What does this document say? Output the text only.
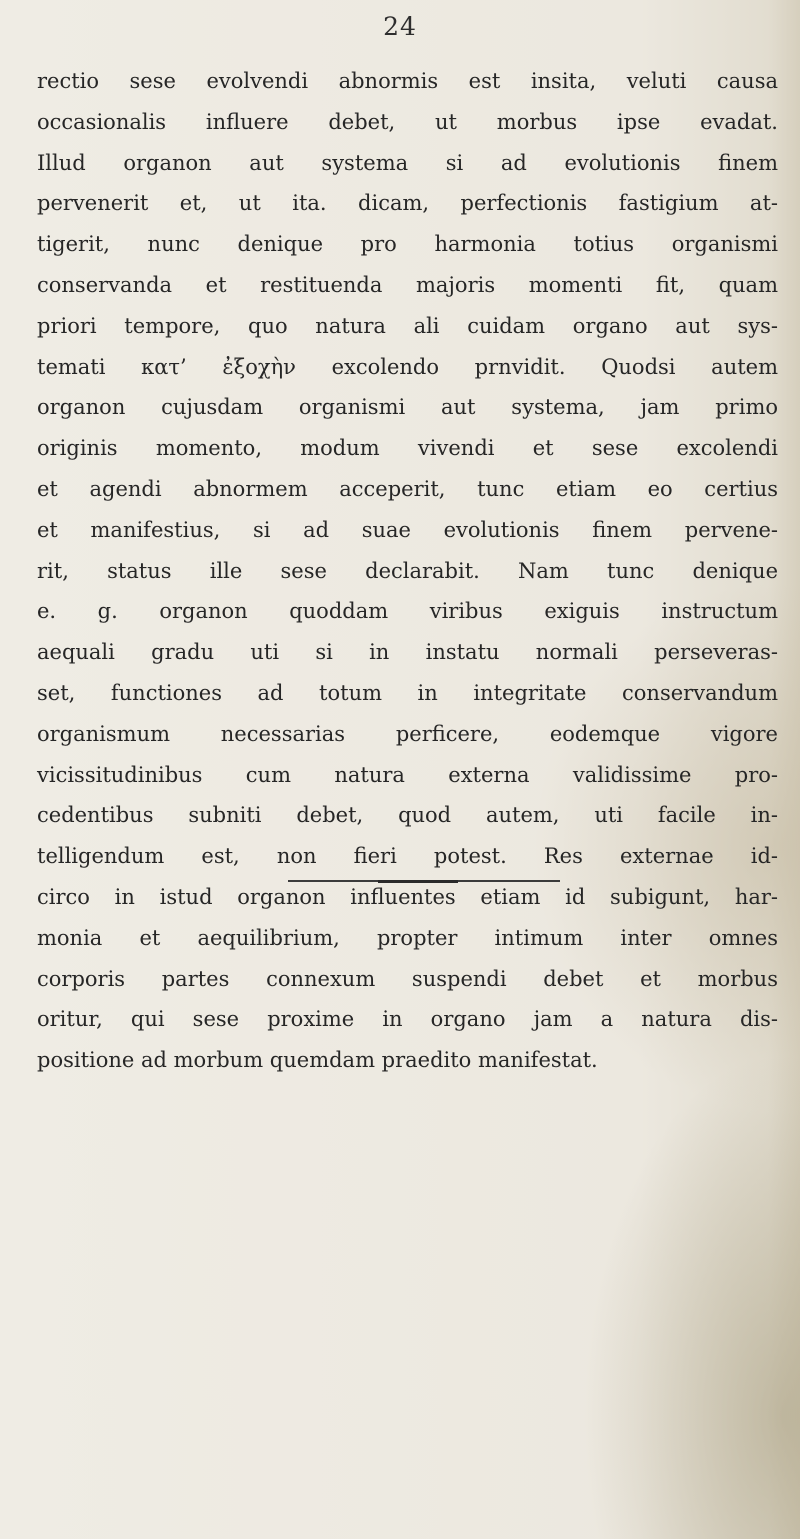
24
rectio sese evolvendi abnormis est insita, veluti causa
occasionalis influere debet, ut morbus ipse evadat.
Illud organon aut systema si ad evolutionis finem
pervenerit et, ut ita. dicam, perfectionis fastigium at-
tigerit, nunc denique pro harmonia totius organismi
conservanda et restituenda majoris momenti fit, quam
priori tempore, quo natura ali cuidam organo aut sys-
temati κατ’ ἐξοχὴν excolendo prnvidit. Quodsi autem
organon cujusdam organismi aut systema, jam primo
originis momento, modum vivendi et sese excolendi
et agendi abnormem acceperit, tunc etiam eo certius
et manifestius, si ad suae evolutionis finem pervene-
rit, status ille sese declarabit. Nam tunc denique
e. g. organon quoddam viribus exiguis instructum
aequali gradu uti si in instatu normali perseveras-
set, functiones ad totum in integritate conservandum
organismum necessarias perficere, eodemque vigore
vicissitudinibus cum natura externa validissime pro-
cedentibus subniti debet, quod autem, uti facile in-
telligendum est, non fieri potest. Res externae id-
circo in istud organon influentes etiam id subigunt, har-
monia et aequilibrium, propter intimum inter omnes
corporis partes connexum suspendi debet et morbus
oritur, qui sese proxime in organo jam a natura dis-
positione ad morbum quemdam praedito manifestat.
